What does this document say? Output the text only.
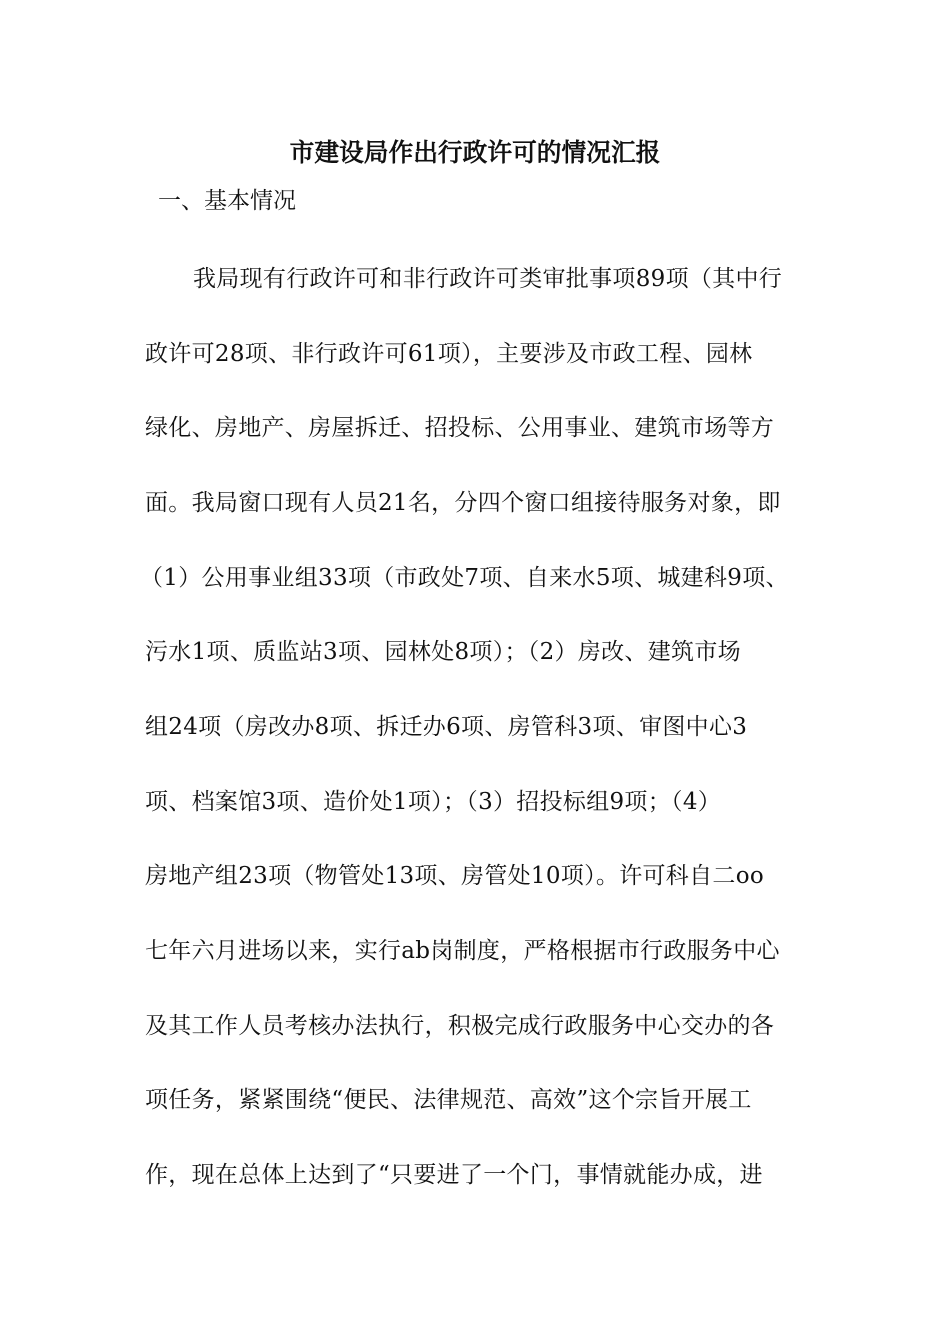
市建设局作出行政许可的情况汇报
一、基本情况
我局现有行政许可和非行政许可类审批事项89项（其中行
政许可28项、非行政许可61项），主要涉及市政工程、园林
绿化、房地产、房屋拆迁、招投标、公用事业、建筑市场等方
面。我局窗口现有人员21名，分四个窗口组接待服务对象，即
（1）公用事业组33项（市政处7项、自来水5项、城建科9项、
污水1项、质监站3项、园林处8项）；（2）房改、建筑市场
组24项（房改办8项、拆迁办6项、房管科3项、审图中心3
项、档案馆3项、造价处1项）；（3）招投标组9项；（4）
房地产组23项（物管处13项、房管处10项）。许可科自二oo
七年六月进场以来，实行ab岗制度，严格根据市行政服务中心
及其工作人员考核办法执行，积极完成行政服务中心交办的各
项任务，紧紧围绕“便民、法律规范、高效”这个宗旨开展工
作，现在总体上达到了“只要进了一个门，事情就能办成，进
